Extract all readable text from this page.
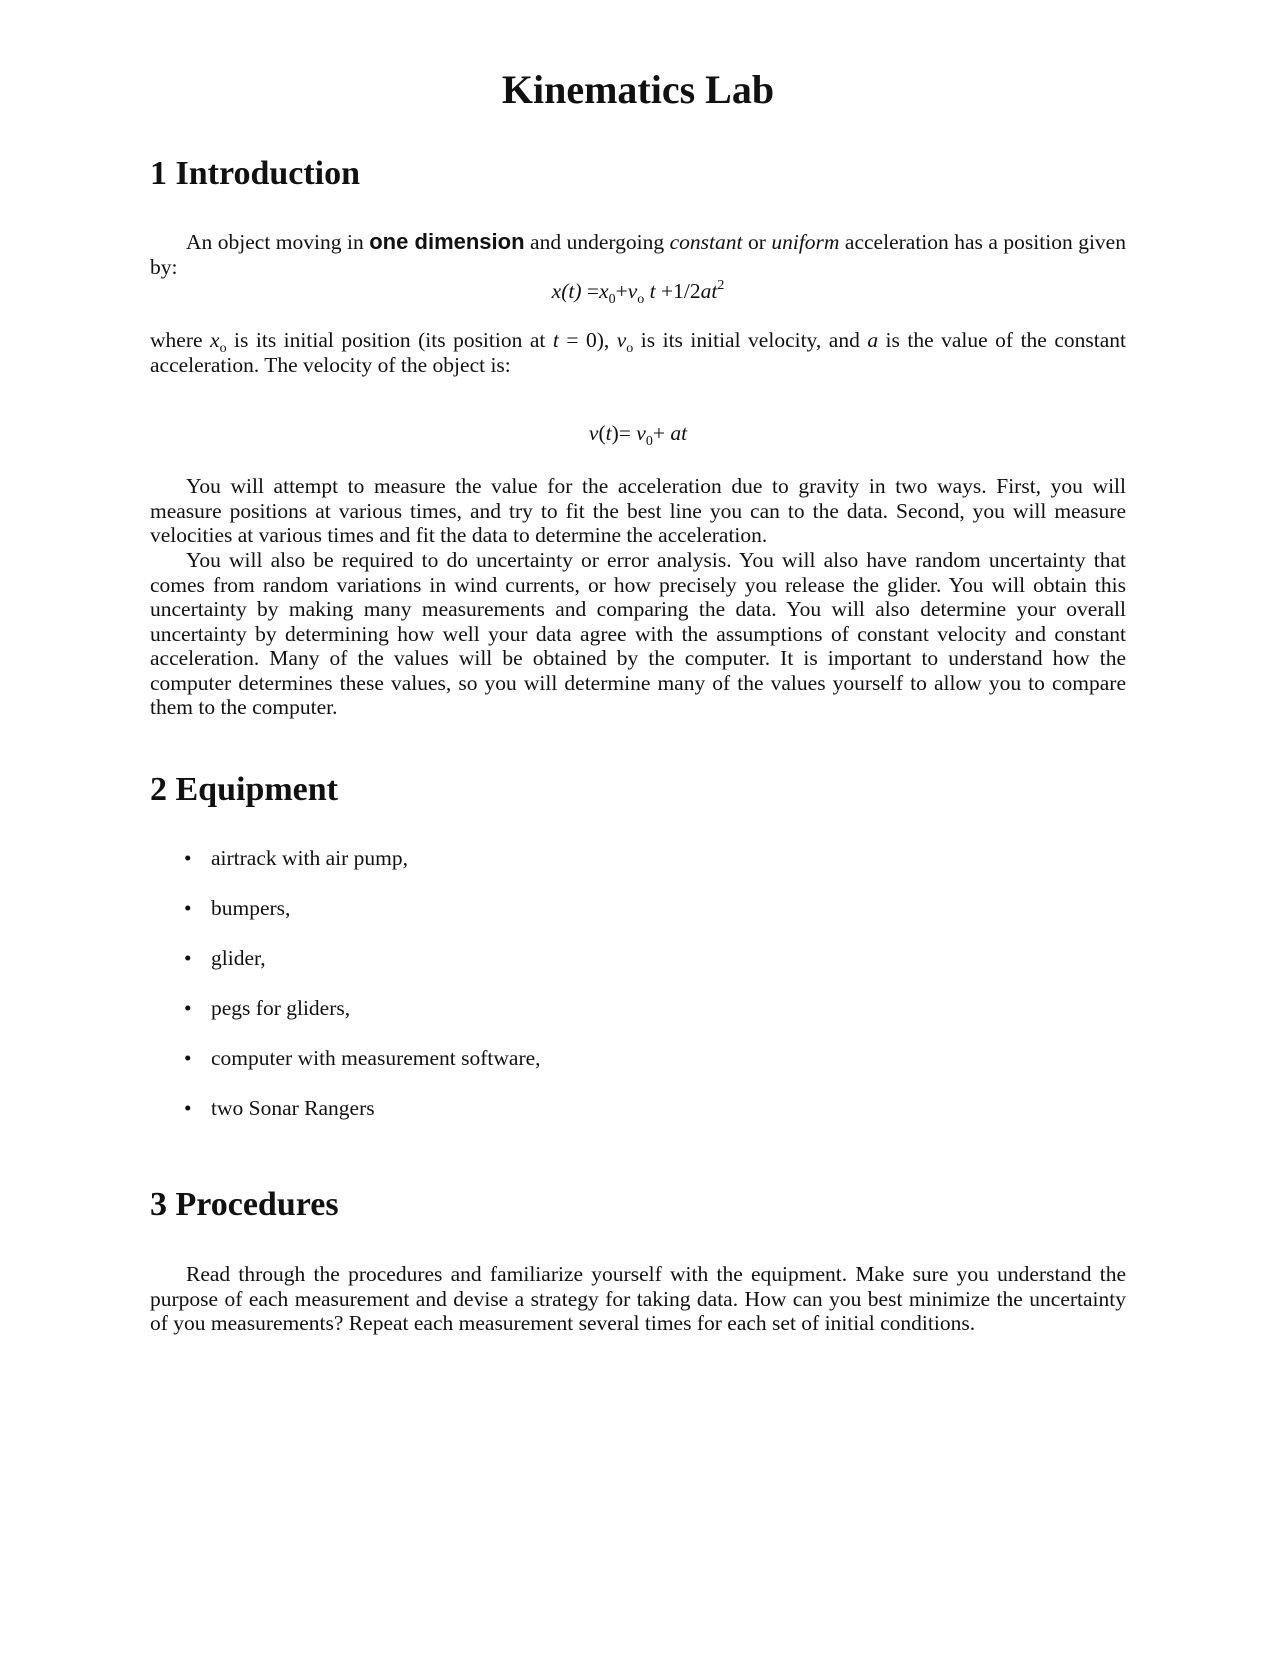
Kinematics Lab
1 Introduction

An object moving in one dimension and undergoing constant or uniform acceleration has a position given by:

$x(t) =x_0+v_o$ $t +1/2at^2$

where $x_o$ is its initial position (its position at t = 0), $v_o$ is its initial velocity, and a is the value of the constant acceleration. The velocity of the object is:

$v(t)= v_0+$ at

You will attempt to measure the value for the acceleration due to gravity in two ways. First, you will measure positions at various times, and try to fit the best line you can to the data. Second, you will measure velocities at various times and fit the data to determine the acceleration.

You will also be required to do uncertainty or error analysis. You will also have random uncertainty that comes from random variations in wind currents, or how precisely you release the glider. You will obtain this uncertainty by making many measurements and comparing the data. You will also determine your overall uncertainty by determining how well your data agree with the assumptions of constant velocity and constant acceleration. Many of the values will be obtained by the computer. It is important to understand how the computer determines these values, so you will determine many of the values yourself to allow you to compare them to the computer.

2 Equipment
• airtrack with air pump,
• bumpers,
• glider,
• pegs for gliders,
• computer with measurement software,
• two Sonar Rangers
3 Procedures

Read through the procedures and familiarize yourself with the equipment. Make sure you understand the purpose of each measurement and devise a strategy for taking data. How can you best minimize the uncertainty of you measurements? Repeat each measurement several times for each set of initial conditions.
